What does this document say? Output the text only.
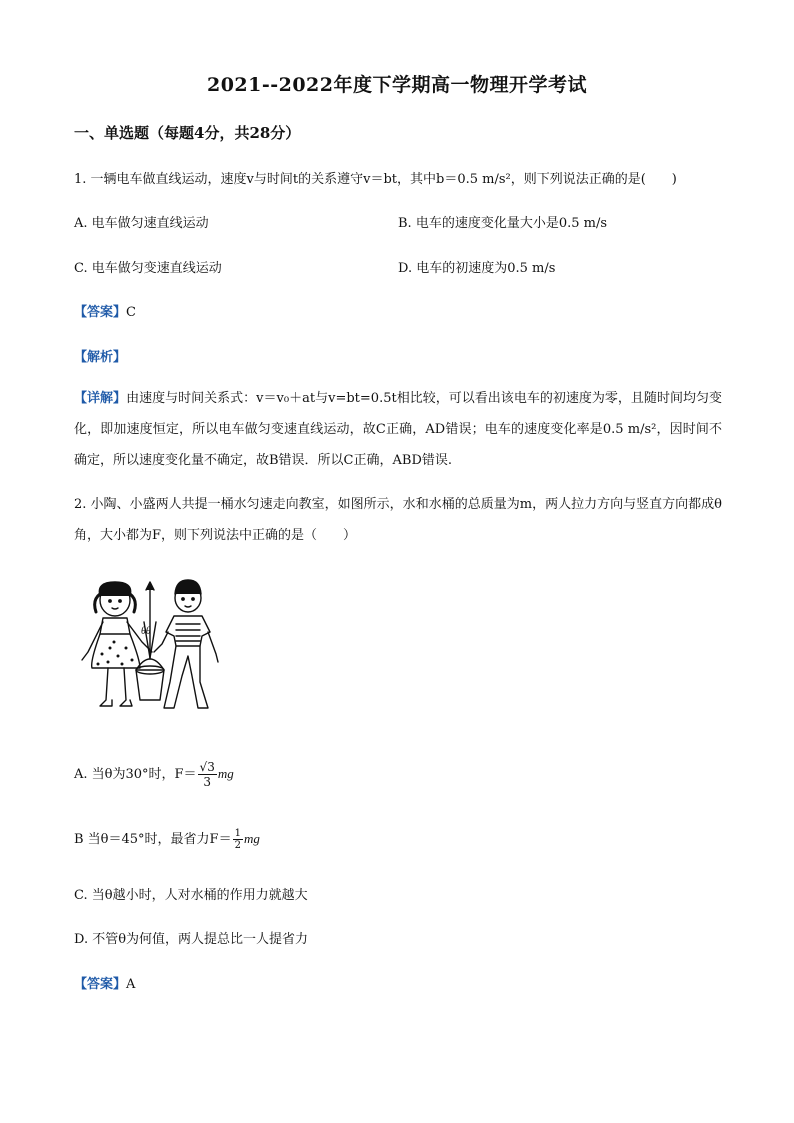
2021--2022年度下学期高一物理开学考试
一、单选题（每题4分，共28分）
1. 一辆电车做直线运动，速度v与时间t的关系遵守v＝bt，其中b＝0.5 m/s²，则下列说法正确的是(　　)
A. 电车做匀速直线运动	B. 电车的速度变化量大小是0.5 m/s
C. 电车做匀变速直线运动	D. 电车的初速度为0.5 m/s
【答案】C
【解析】
【详解】由速度与时间关系式：v＝v₀＋at与v=bt=0.5t相比较，可以看出该电车的初速度为零，且随时间均匀变化，即加速度恒定，所以电车做匀变速直线运动，故C正确，AD错误；电车的速度变化率是0.5 m/s²，因时间不确定，所以速度变化量不确定，故B错误．所以C正确，ABD错误.
2. 小陶、小盛两人共提一桶水匀速走向教室，如图所示，水和水桶的总质量为m，两人拉力方向与竖直方向都成θ角，大小都为F，则下列说法中正确的是（　　）
θθ
A. 当θ为30°时，$F= \frac{√3}{3}$ mg
B 当θ＝45°时，最省力$F= \frac{1}{2}$ mg
C. 当θ越小时，人对水桶的作用力就越大
D. 不管θ为何值，两人提总比一人提省力
【答案】A
